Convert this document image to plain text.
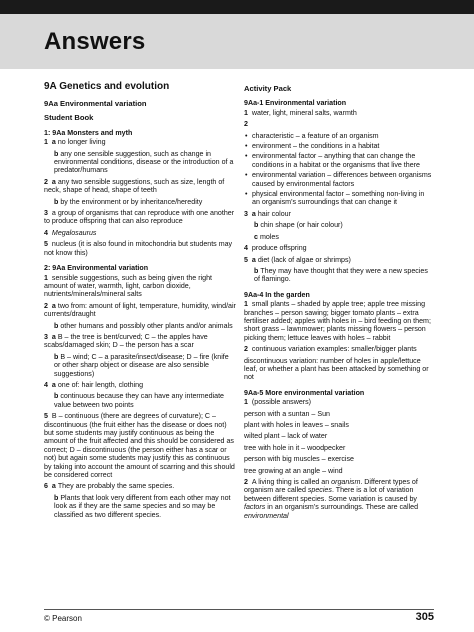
Answers
9A Genetics and evolution
9Aa Environmental variation
Student Book
1: 9Aa Monsters and myth
1 a no longer living
b any one sensible suggestion, such as change in environmental conditions, disease or the introduction of a predator/humans
2 a any two sensible suggestions, such as size, length of neck, shape of head, shape of teeth
b by the environment or by inheritance/heredity
3 a group of organisms that can reproduce with one another to produce offspring that can also reproduce
4 Megalosaurus
5 nucleus (it is also found in mitochondria but students may not know this)
2: 9Aa Environmental variation
1 sensible suggestions, such as being given the right amount of water, warmth, light, carbon dioxide, nutrients/minerals/mineral salts
2 a two from: amount of light, temperature, humidity, wind/air currents/draught
b other humans and possibly other plants and/or animals
3 a B – the tree is bent/curved; C – the apples have scabs/damaged skin; D – the person has a scar
b B – wind; C – a parasite/insect/disease; D – fire (knife or other sharp object or disease are also sensible suggestions)
4 a one of: hair length, clothing
b continuous because they can have any intermediate value between two points
5 B – continuous (there are degrees of curvature); C – discontinuous (the fruit either has the disease or does not) but some students may justify continuous as being the amount of the fruit affected and this should be considered as correct; D – discontinuous (the person either has a scar or not) but again some students may justify this as continuous by taking into account the amount of scarring and this should be considered correct
6 a They are probably the same species.
b Plants that look very different from each other may not look as if they are the same species and so may be classified as two different species.
Activity Pack
9Aa-1 Environmental variation
1 water, light, mineral salts, warmth
2
• characteristic – a feature of an organism
• environment – the conditions in a habitat
• environmental factor – anything that can change the conditions in a habitat or the organisms that live there
• environmental variation – differences between organisms caused by environmental factors
• physical environmental factor – something non-living in an organism’s surroundings that can change it
3 a hair colour
b chin shape (or hair colour)
c moles
4 produce offspring
5 a diet (lack of algae or shrimps)
b They may have thought that they were a new species of flamingo.
9Aa-4 In the garden
1 small plants – shaded by apple tree; apple tree missing branches – person sawing; bigger tomato plants – extra fertiliser added; apples with holes in – bird feeding on them; short grass – lawnmower; plants missing flowers – person picking them; lettuce leaves with holes – rabbit
2 continuous variation examples: smaller/bigger plants
discontinuous variation: number of holes in apple/lettuce leaf, or whether a plant has been attacked by something or not
9Aa-5 More environmental variation
1 (possible answers)
person with a suntan – Sun
plant with holes in leaves – snails
wilted plant – lack of water
tree with hole in it – woodpecker
person with big muscles – exercise
tree growing at an angle – wind
2 A living thing is called an organism. Different types of organism are called species. There is a lot of variation between different species. Some variation is caused by factors in an organism’s surroundings. These are called environmental
© Pearson	305
